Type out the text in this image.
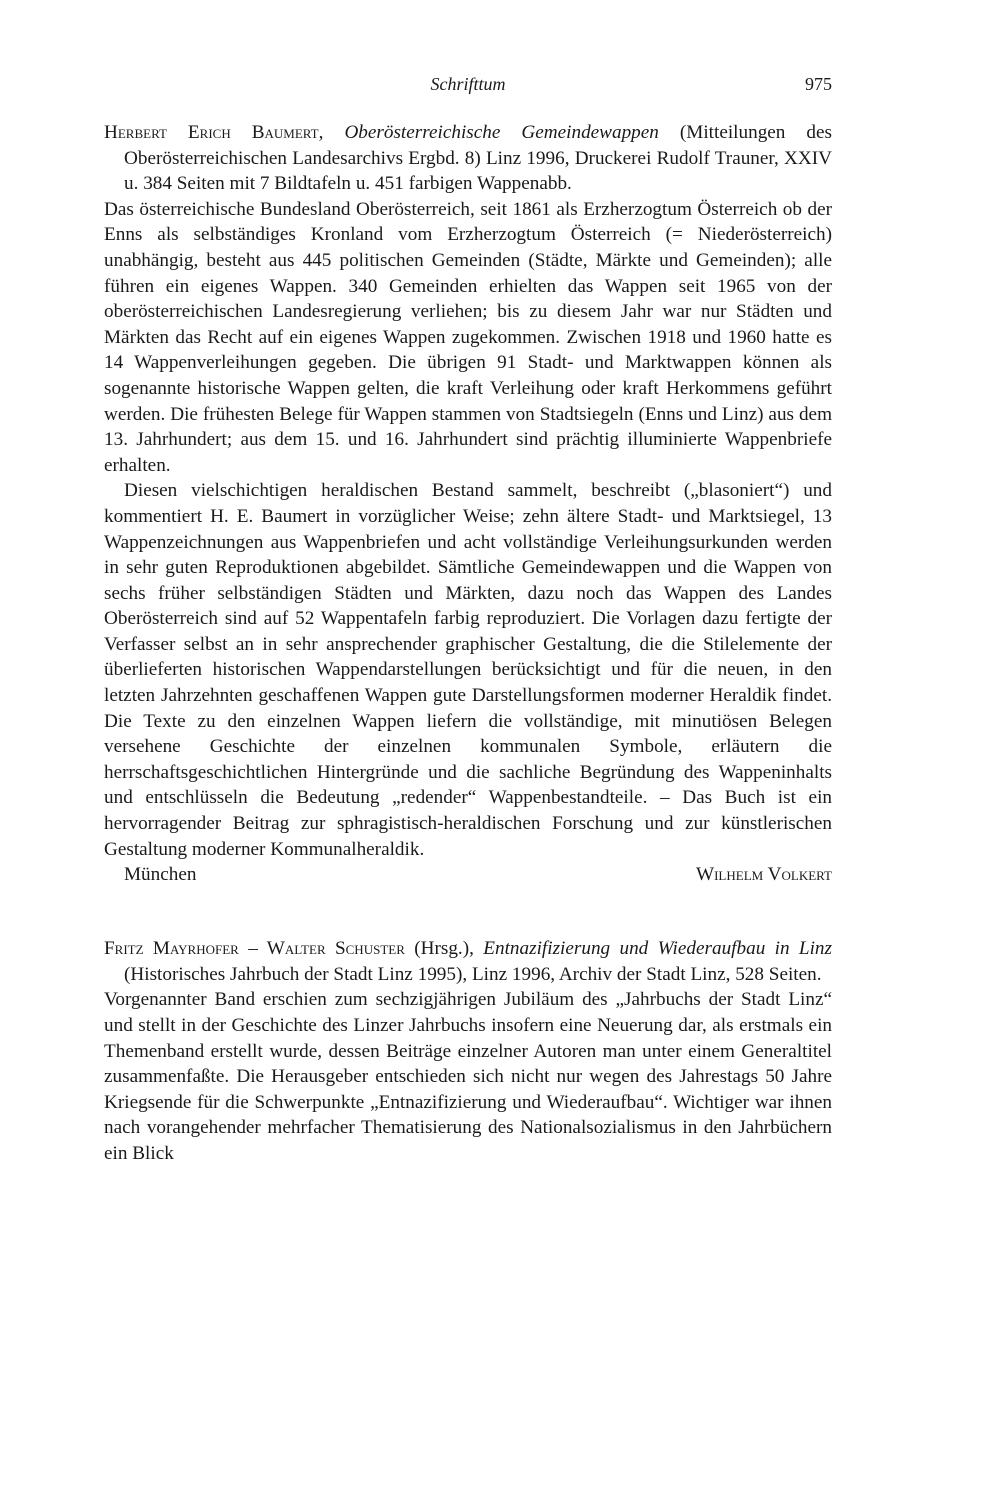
Schrifttum	975

Herbert Erich Baumert, Oberösterreichische Gemeindewappen (Mitteilungen des Oberösterreichischen Landesarchivs Ergbd. 8) Linz 1996, Druckerei Rudolf Trauner, XXIV u. 384 Seiten mit 7 Bildtafeln u. 451 farbigen Wappenabb.

Das österreichische Bundesland Oberösterreich, seit 1861 als Erzherzogtum Österreich ob der Enns als selbständiges Kronland vom Erzherzogtum Österreich (= Niederösterreich) unabhängig, besteht aus 445 politischen Gemeinden (Städte, Märkte und Gemeinden); alle führen ein eigenes Wappen. 340 Gemeinden erhielten das Wappen seit 1965 von der oberösterreichischen Landesregierung verliehen; bis zu diesem Jahr war nur Städten und Märkten das Recht auf ein eigenes Wappen zugekommen. Zwischen 1918 und 1960 hatte es 14 Wappenverleihungen gegeben. Die übrigen 91 Stadt- und Marktwappen können als sogenannte historische Wappen gelten, die kraft Verleihung oder kraft Herkommens geführt werden. Die frühesten Belege für Wappen stammen von Stadtsiegeln (Enns und Linz) aus dem 13. Jahrhundert; aus dem 15. und 16. Jahrhundert sind prächtig illuminierte Wappenbriefe erhalten.

Diesen vielschichtigen heraldischen Bestand sammelt, beschreibt („blasoniert“) und kommentiert H. E. Baumert in vorzüglicher Weise; zehn ältere Stadt- und Marktsiegel, 13 Wappenzeichnungen aus Wappenbriefen und acht vollständige Verleihungsurkunden werden in sehr guten Reproduktionen abgebildet. Sämtliche Gemeindewappen und die Wappen von sechs früher selbständigen Städten und Märkten, dazu noch das Wappen des Landes Oberösterreich sind auf 52 Wappentafeln farbig reproduziert. Die Vorlagen dazu fertigte der Verfasser selbst an in sehr ansprechender graphischer Gestaltung, die die Stilelemente der überlieferten historischen Wappendarstellungen berücksichtigt und für die neuen, in den letzten Jahrzehnten geschaffenen Wappen gute Darstellungsformen moderner Heraldik findet. Die Texte zu den einzelnen Wappen liefern die vollständige, mit minutiösen Belegen versehene Geschichte der einzelnen kommunalen Symbole, erläutern die herrschaftsgeschichtlichen Hintergründe und die sachliche Begründung des Wappeninhalts und entschlüsseln die Bedeutung „redender“ Wappenbestandteile. – Das Buch ist ein hervorragender Beitrag zur sphragistisch-heraldischen Forschung und zur künstlerischen Gestaltung moderner Kommunalheraldik.

München	Wilhelm Volkert

Fritz Mayrhofer – Walter Schuster (Hrsg.), Entnazifizierung und Wiederaufbau in Linz (Historisches Jahrbuch der Stadt Linz 1995), Linz 1996, Archiv der Stadt Linz, 528 Seiten.

Vorgenannter Band erschien zum sechzigjährigen Jubiläum des „Jahrbuchs der Stadt Linz“ und stellt in der Geschichte des Linzer Jahrbuchs insofern eine Neuerung dar, als erstmals ein Themenband erstellt wurde, dessen Beiträge einzelner Autoren man unter einem Generaltitel zusammenfaßte. Die Herausgeber entschieden sich nicht nur wegen des Jahrestags 50 Jahre Kriegsende für die Schwerpunkte „Entnazifizierung und Wiederaufbau“. Wichtiger war ihnen nach vorangehender mehrfacher Thematisierung des Nationalsozialismus in den Jahrbüchern ein Blick
